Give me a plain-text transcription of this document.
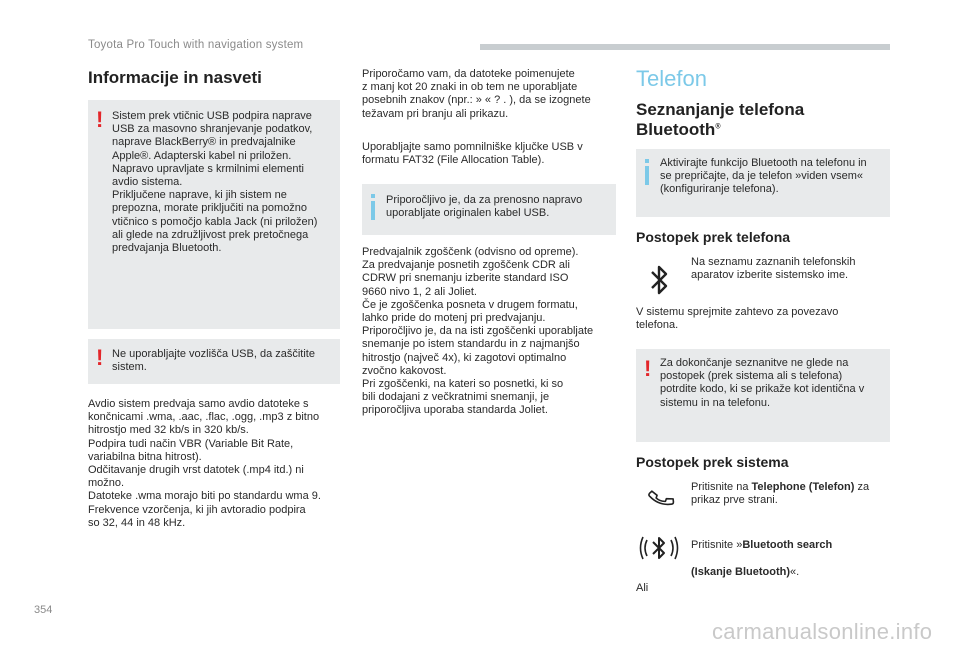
Toyota Pro Touch with navigation system
Informacije in nasveti
! Sistem prek vtičnic USB podpira naprave
USB za masovno shranjevanje podatkov,
naprave BlackBerry® in predvajalnike
Apple®. Adapterski kabel ni priložen.
Napravo upravljate s krmilnimi elementi
avdio sistema.
Priključene naprave, ki jih sistem ne
prepozna, morate priključiti na pomožno
vtičnico s pomočjo kabla Jack (ni priložen)
ali glede na združljivost prek pretočnega
predvajanja Bluetooth.
! Ne uporabljajte vozlišča USB, da zaščitite
sistem.
Avdio sistem predvaja samo avdio datoteke s
končnicami .wma, .aac, .flac, .ogg, .mp3 z bitno
hitrostjo med 32 kb/s in 320 kb/s.
Podpira tudi način VBR (Variable Bit Rate,
variabilna bitna hitrost).
Odčitavanje drugih vrst datotek (.mp4 itd.) ni
možno.
Datoteke .wma morajo biti po standardu wma 9.
Frekvence vzorčenja, ki jih avtoradio podpira
so 32, 44 in 48 kHz.
Priporočamo vam, da datoteke poimenujete
z manj kot 20 znaki in ob tem ne uporabljate
posebnih znakov (npr.: » « ? . ), da se izognete
težavam pri branju ali prikazu.
Uporabljajte samo pomnilniške ključke USB v
formatu FAT32 (File Allocation Table).
Priporočljivo je, da za prenosno napravo
uporabljate originalen kabel USB.
Predvajalnik zgoščenk (odvisno od opreme).
Za predvajanje posnetih zgoščenk CDR ali
CDRW pri snemanju izberite standard ISO
9660 nivo 1, 2 ali Joliet.
Če je zgoščenka posneta v drugem formatu,
lahko pride do motenj pri predvajanju.
Priporočljivo je, da na isti zgoščenki uporabljate
snemanje po istem standardu in z najmanjšo
hitrostjo (največ 4x), ki zagotovi optimalno
zvočno kakovost.
Pri zgoščenki, na kateri so posnetki, ki so
bili dodajani z večkratnimi snemanji, je
priporočljiva uporaba standarda Joliet.
Telefon
Seznanjanje telefona
Bluetooth®
Aktivirajte funkcijo Bluetooth na telefonu in
se prepričajte, da je telefon »viden vsem«
(konfiguriranje telefona).
Postopek prek telefona
Na seznamu zaznanih telefonskih
aparatov izberite sistemsko ime.
V sistemu sprejmite zahtevo za povezavo
telefona.
! Za dokončanje seznanitve ne glede na
postopek (prek sistema ali s telefona)
potrdite kodo, ki se prikaže kot identična v
sistemu in na telefonu.
Postopek prek sistema
Pritisnite na Telephone (Telefon) za
prikaz prve strani.

Pritisnite »Bluetooth search

(Iskanje Bluetooth)«.

Ali
354
carmanualsonline.info
